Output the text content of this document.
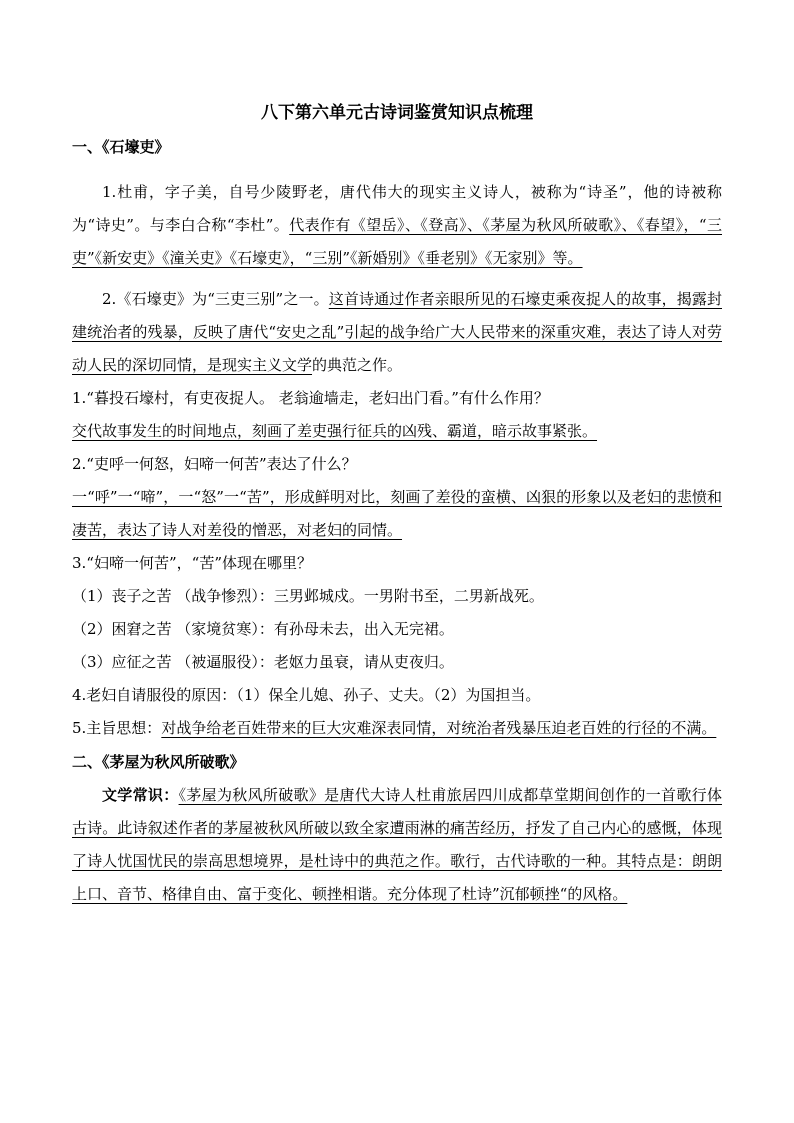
八下第六单元古诗词鉴赏知识点梳理
一、《石壕吏》

1.杜甫，字子美，自号少陵野老，唐代伟大的现实主义诗人，被称为“诗圣”，他的诗被称为“诗史”。与李白合称“李杜”。代表作有《望岳》、《登高》、《茅屋为秋风所破歌》、《春望》，“三吏”《新安吏》《潼关吏》《石壕吏》，“三别”《新婚别》《垂老别》《无家别》等。

2.《石壕吏》为“三吏三别”之一。这首诗通过作者亲眼所见的石壕吏乘夜捉人的故事，揭露封建统治者的残暴，反映了唐代“安史之乱”引起的战争给广大人民带来的深重灾难，表达了诗人对劳动人民的深切同情，是现实主义文学的典范之作。

1.“暮投石壕村，有吏夜捉人。 老翁逾墙走，老妇出门看。”有什么作用？

交代故事发生的时间地点，刻画了差吏强行征兵的凶残、霸道，暗示故事紧张。

2.“吏呼一何怒，妇啼一何苦”表达了什么？

一“呼”一“啼”，一“怒”一“苦”，形成鲜明对比，刻画了差役的蛮横、凶狠的形象以及老妇的悲愤和凄苦，表达了诗人对差役的憎恶，对老妇的同情。

3.“妇啼一何苦”，“苦”体现在哪里？

（1）丧子之苦 （战争惨烈）：三男邺城戍。一男附书至，二男新战死。

（2）困窘之苦 （家境贫寒）：有孙母未去，出入无完裙。

（3）应征之苦 （被逼服役）：老妪力虽衰，请从吏夜归。

4.老妇自请服役的原因：（1）保全儿媳、孙子、丈夫。（2）为国担当。

5.主旨思想：对战争给老百姓带来的巨大灾难深表同情，对统治者残暴压迫老百姓的行径的不满。

二、《茅屋为秋风所破歌》

文学常识：《茅屋为秋风所破歌》是唐代大诗人杜甫旅居四川成都草堂期间创作的一首歌行体古诗。此诗叙述作者的茅屋被秋风所破以致全家遭雨淋的痛苦经历，抒发了自己内心的感慨，体现了诗人忧国忧民的崇高思想境界，是杜诗中的典范之作。歌行，古代诗歌的一种。其特点是：朗朗上口、音节、格律自由、富于变化、顿挫相谐。充分体现了杜诗”沉郁顿挫“的风格。
